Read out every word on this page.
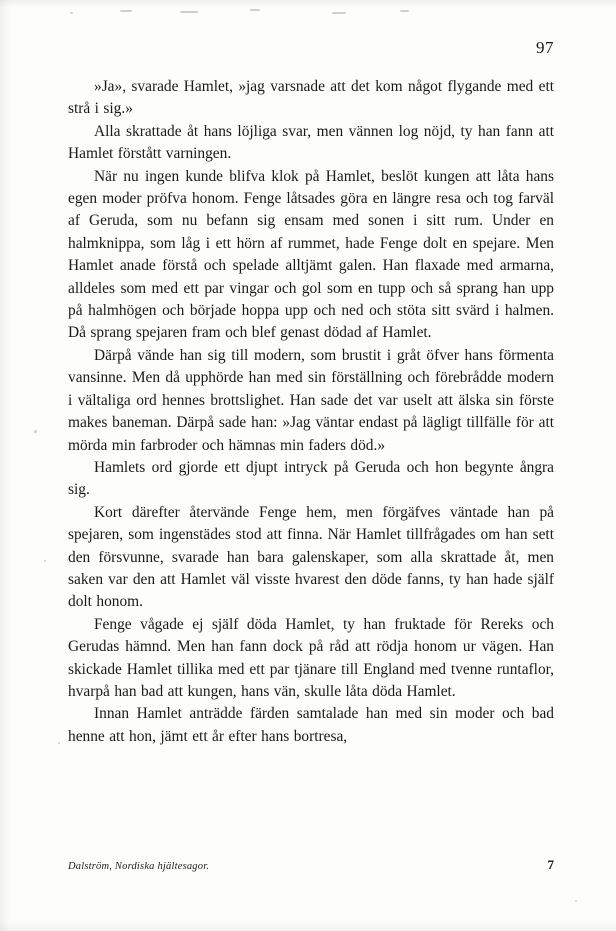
97

»Ja», svarade Hamlet, »jag varsnade att det kom något flygande med ett strå i sig.»

Alla skrattade åt hans löjliga svar, men vännen log nöjd, ty han fann att Hamlet förstått varningen.

När nu ingen kunde blifva klok på Hamlet, beslöt kungen att låta hans egen moder pröfva honom. Fenge låtsades göra en längre resa och tog farväl af Geruda, som nu befann sig ensam med sonen i sitt rum. Under en halmknippa, som låg i ett hörn af rummet, hade Fenge dolt en spejare. Men Hamlet anade förstå och spelade alltjämt galen. Han flaxade med armarna, alldeles som med ett par vingar och gol som en tupp och så sprang han upp på halmhögen och började hoppa upp och ned och stöta sitt svärd i halmen. Då sprang spejaren fram och blef genast dödad af Hamlet.

Därpå vände han sig till modern, som brustit i gråt öfver hans förmenta vansinne. Men då upphörde han med sin förställning och förebrådde modern i vältaliga ord hennes brottslighet. Han sade det var uselt att älska sin förste makes baneman. Därpå sade han: »Jag väntar endast på lägligt tillfälle för att mörda min farbroder och hämnas min faders död.»

Hamlets ord gjorde ett djupt intryck på Geruda och hon begynte ångra sig.

Kort därefter återvände Fenge hem, men förgäfves väntade han på spejaren, som ingenstädes stod att finna. När Hamlet tillfrågades om han sett den försvunne, svarade han bara galenskaper, som alla skrattade åt, men saken var den att Hamlet väl visste hvarest den döde fanns, ty han hade själf dolt honom.

Fenge vågade ej själf döda Hamlet, ty han fruktade för Rereks och Gerudas hämnd. Men han fann dock på råd att rödja honom ur vägen. Han skickade Hamlet tillika med ett par tjänare till England med tvenne runtaflor, hvarpå han bad att kungen, hans vän, skulle låta döda Hamlet.

Innan Hamlet anträdde färden samtalade han med sin moder och bad henne att hon, jämt ett år efter hans bortresa,

Dalström, Nordiska hjältesagor.	7
